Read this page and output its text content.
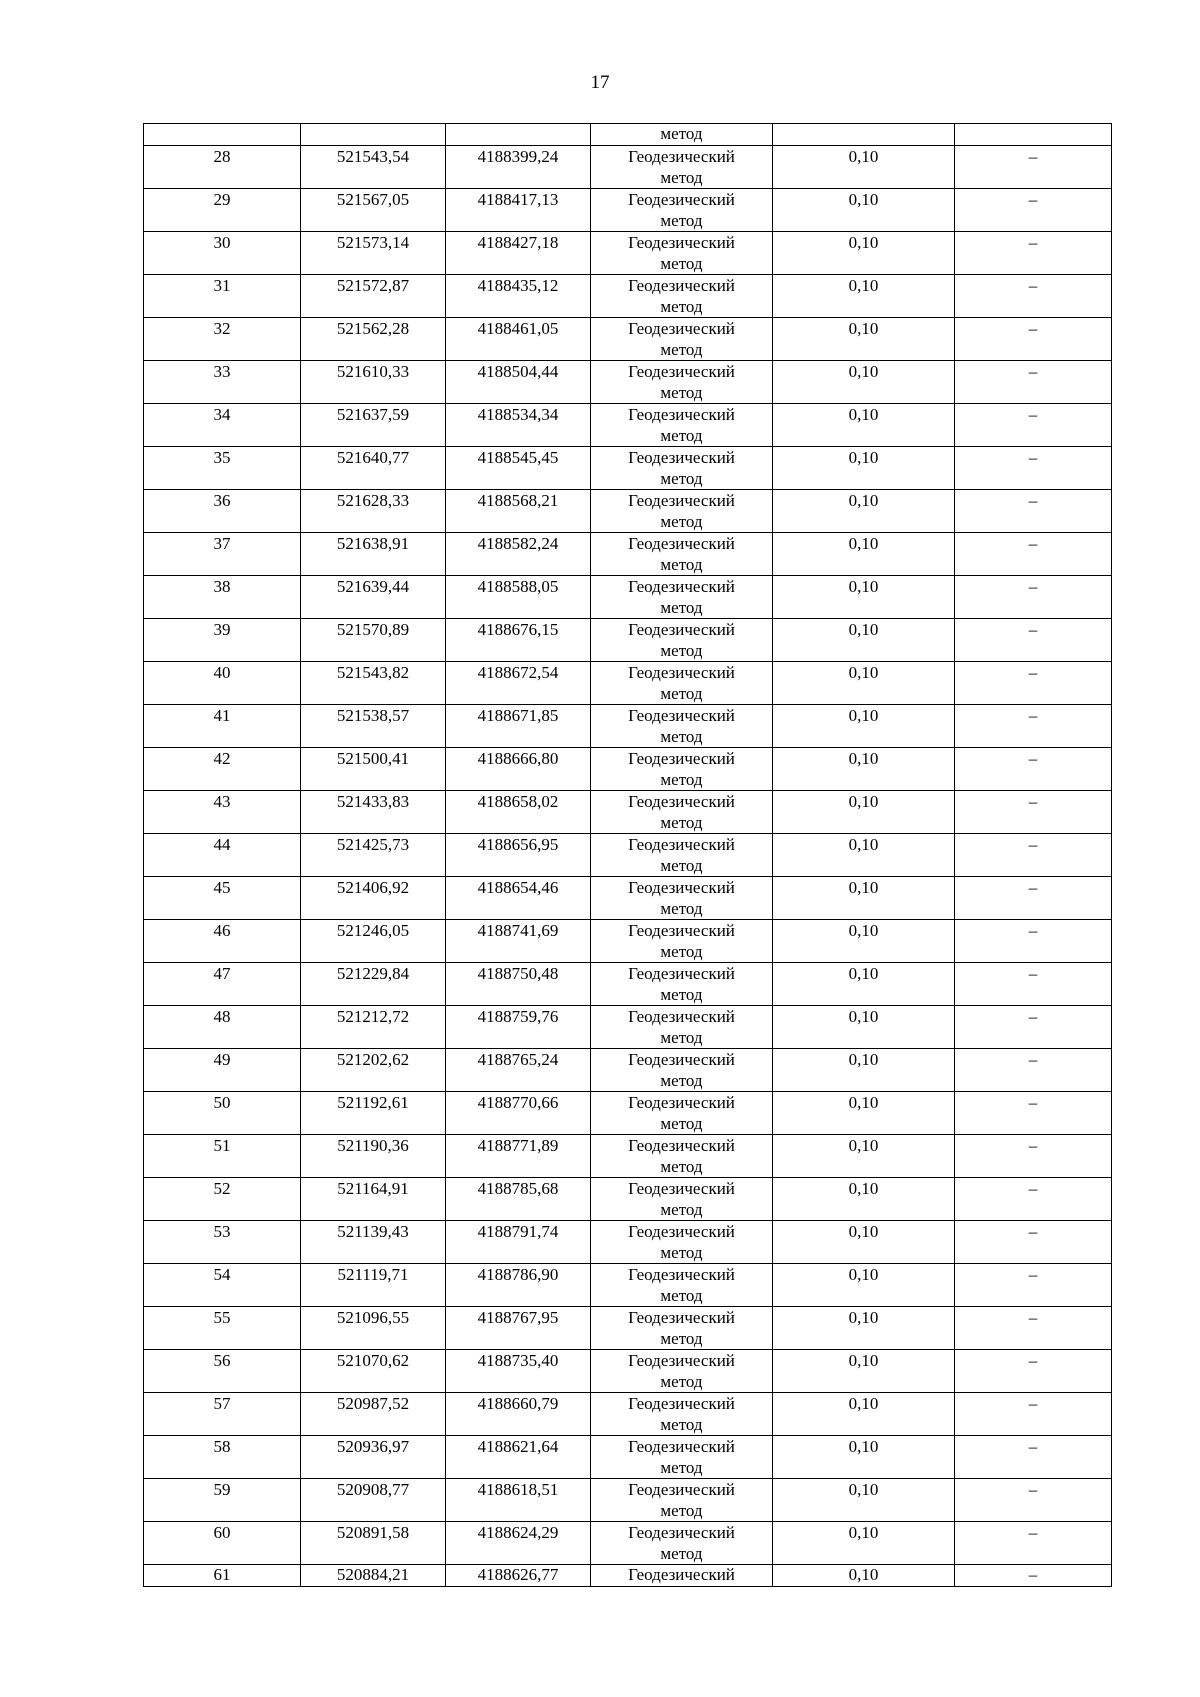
17
			метод		
28	521543,54	4188399,24	Геодезический
метод	0,10	–
29	521567,05	4188417,13	Геодезический
метод	0,10	–
30	521573,14	4188427,18	Геодезический
метод	0,10	–
31	521572,87	4188435,12	Геодезический
метод	0,10	–
32	521562,28	4188461,05	Геодезический
метод	0,10	–
33	521610,33	4188504,44	Геодезический
метод	0,10	–
34	521637,59	4188534,34	Геодезический
метод	0,10	–
35	521640,77	4188545,45	Геодезический
метод	0,10	–
36	521628,33	4188568,21	Геодезический
метод	0,10	–
37	521638,91	4188582,24	Геодезический
метод	0,10	–
38	521639,44	4188588,05	Геодезический
метод	0,10	–
39	521570,89	4188676,15	Геодезический
метод	0,10	–
40	521543,82	4188672,54	Геодезический
метод	0,10	–
41	521538,57	4188671,85	Геодезический
метод	0,10	–
42	521500,41	4188666,80	Геодезический
метод	0,10	–
43	521433,83	4188658,02	Геодезический
метод	0,10	–
44	521425,73	4188656,95	Геодезический
метод	0,10	–
45	521406,92	4188654,46	Геодезический
метод	0,10	–
46	521246,05	4188741,69	Геодезический
метод	0,10	–
47	521229,84	4188750,48	Геодезический
метод	0,10	–
48	521212,72	4188759,76	Геодезический
метод	0,10	–
49	521202,62	4188765,24	Геодезический
метод	0,10	–
50	521192,61	4188770,66	Геодезический
метод	0,10	–
51	521190,36	4188771,89	Геодезический
метод	0,10	–
52	521164,91	4188785,68	Геодезический
метод	0,10	–
53	521139,43	4188791,74	Геодезический
метод	0,10	–
54	521119,71	4188786,90	Геодезический
метод	0,10	–
55	521096,55	4188767,95	Геодезический
метод	0,10	–
56	521070,62	4188735,40	Геодезический
метод	0,10	–
57	520987,52	4188660,79	Геодезический
метод	0,10	–
58	520936,97	4188621,64	Геодезический
метод	0,10	–
59	520908,77	4188618,51	Геодезический
метод	0,10	–
60	520891,58	4188624,29	Геодезический
метод	0,10	–
61	520884,21	4188626,77	Геодезический	0,10	–
